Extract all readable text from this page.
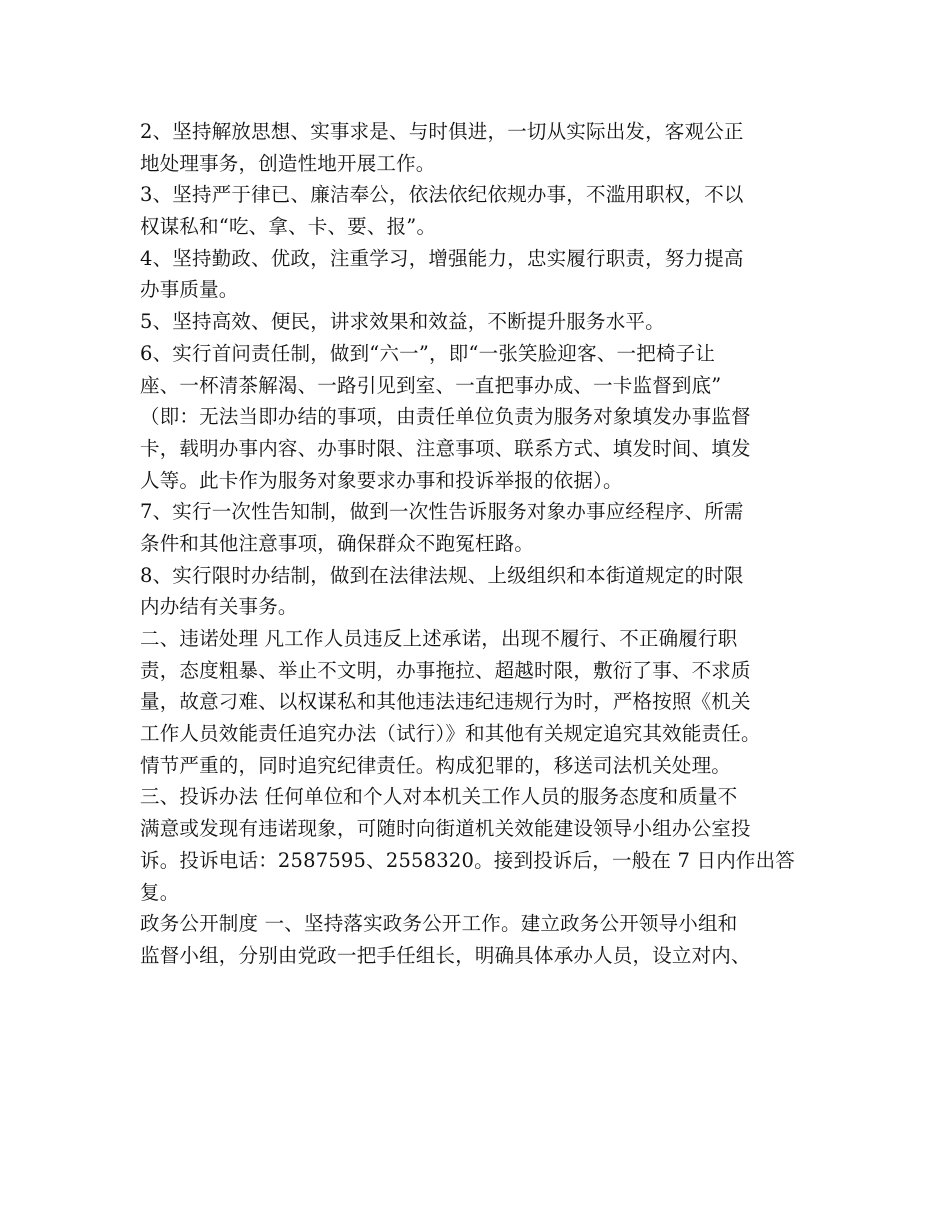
2、坚持解放思想、实事求是、与时俱进，一切从实际出发，客观公正
地处理事务，创造性地开展工作。
3、坚持严于律已、廉洁奉公，依法依纪依规办事，不滥用职权，不以
权谋私和“吃、拿、卡、要、报”。
4、坚持勤政、优政，注重学习，增强能力，忠实履行职责，努力提高
办事质量。
5、坚持高效、便民，讲求效果和效益，不断提升服务水平。
6、实行首问责任制，做到“六一”，即“一张笑脸迎客、一把椅子让
座、一杯清茶解渴、一路引见到室、一直把事办成、一卡监督到底”
（即：无法当即办结的事项，由责任单位负责为服务对象填发办事监督
卡，载明办事内容、办事时限、注意事项、联系方式、填发时间、填发
人等。此卡作为服务对象要求办事和投诉举报的依据）。
7、实行一次性告知制，做到一次性告诉服务对象办事应经程序、所需
条件和其他注意事项，确保群众不跑冤枉路。
8、实行限时办结制，做到在法律法规、上级组织和本街道规定的时限
内办结有关事务。
二、违诺处理 凡工作人员违反上述承诺，出现不履行、不正确履行职
责，态度粗暴、举止不文明，办事拖拉、超越时限，敷衍了事、不求质
量，故意刁难、以权谋私和其他违法违纪违规行为时，严格按照《机关
工作人员效能责任追究办法（试行）》和其他有关规定追究其效能责任。
情节严重的，同时追究纪律责任。构成犯罪的，移送司法机关处理。
三、投诉办法 任何单位和个人对本机关工作人员的服务态度和质量不
满意或发现有违诺现象，可随时向街道机关效能建设领导小组办公室投
诉。投诉电话：2587595、2558320。接到投诉后，一般在 7 日内作出答
复。
政务公开制度 一、坚持落实政务公开工作。建立政务公开领导小组和
监督小组，分别由党政一把手任组长，明确具体承办人员，设立对内、
